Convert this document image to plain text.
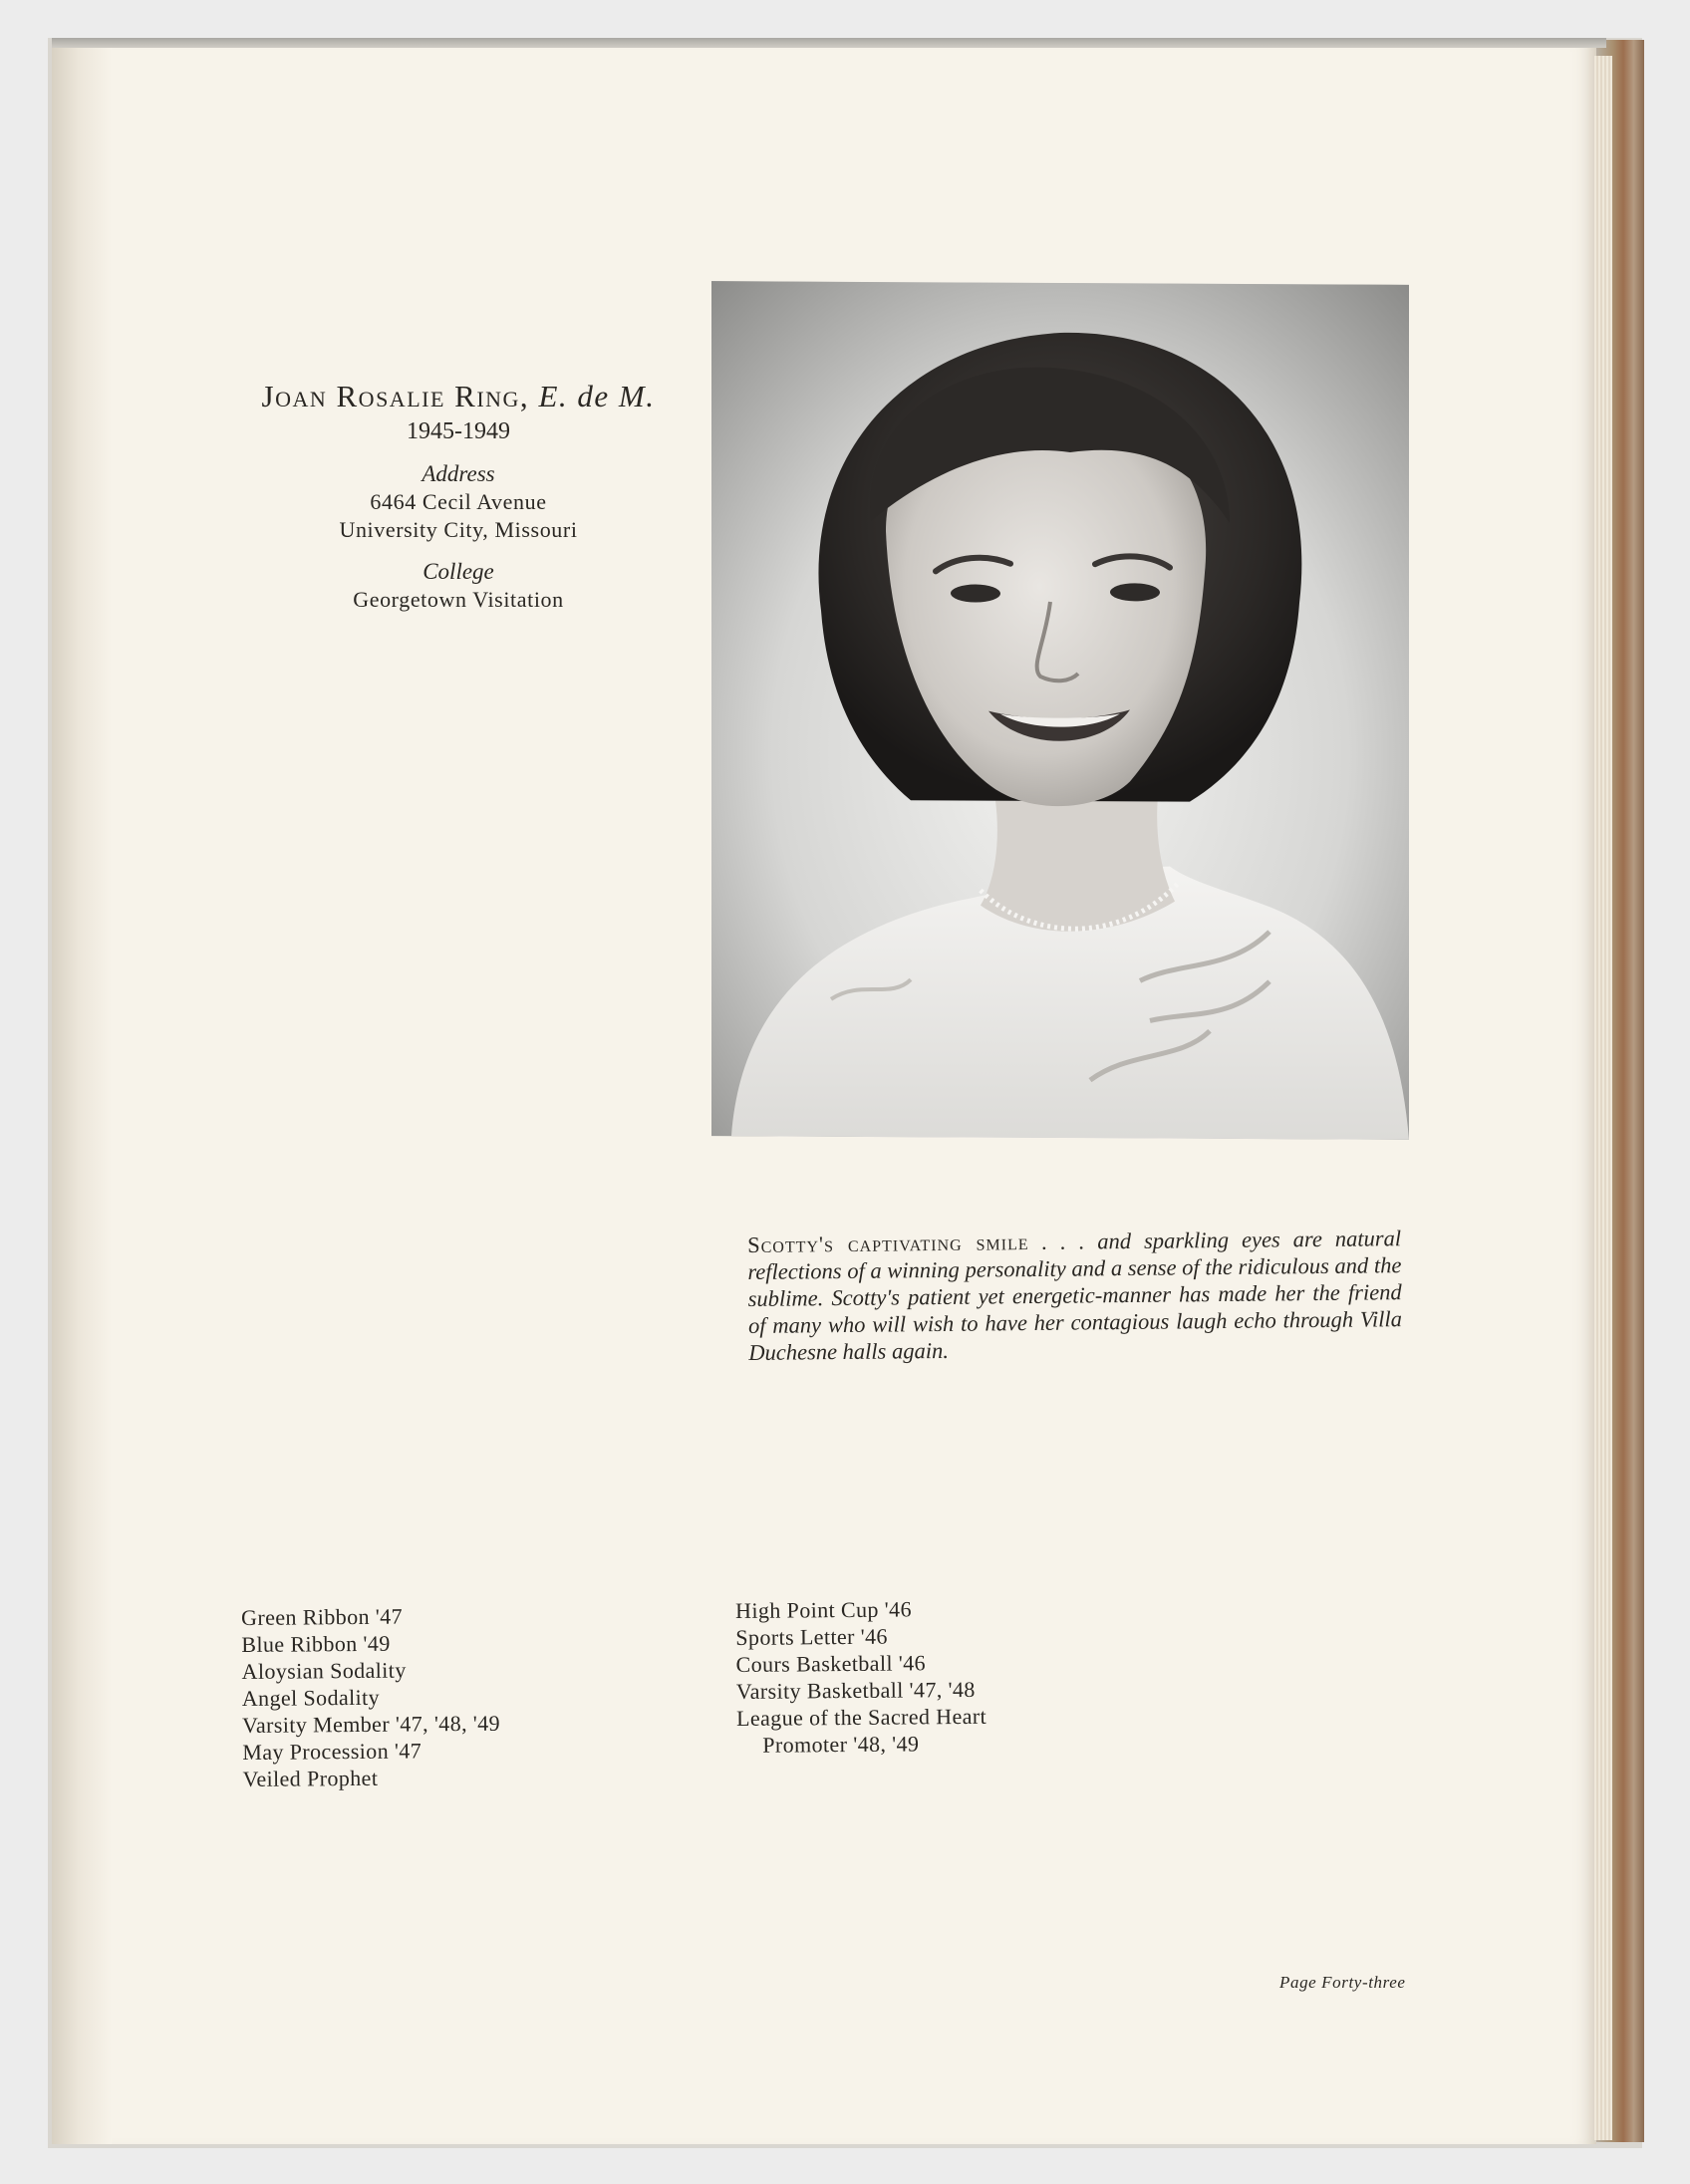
Joan Rosalie Ring, E. de M.
1945-1949
Address
6464 Cecil Avenue
University City, Missouri
College
Georgetown Visitation
Scotty's captivating smile . . . and sparkling eyes are natural reflections of a winning personality and a sense of the ridiculous and the sublime. Scotty's patient yet energetic-manner has made her the friend of many who will wish to have her contagious laugh echo through Villa Duchesne halls again.
Green Ribbon '47
Blue Ribbon '49
Aloysian Sodality
Angel Sodality
Varsity Member '47, '48, '49
May Procession '47
Veiled Prophet
High Point Cup '46
Sports Letter '46
Cours Basketball '46
Varsity Basketball '47, '48
League of the Sacred Heart
Promoter '48, '49
Page Forty-three
